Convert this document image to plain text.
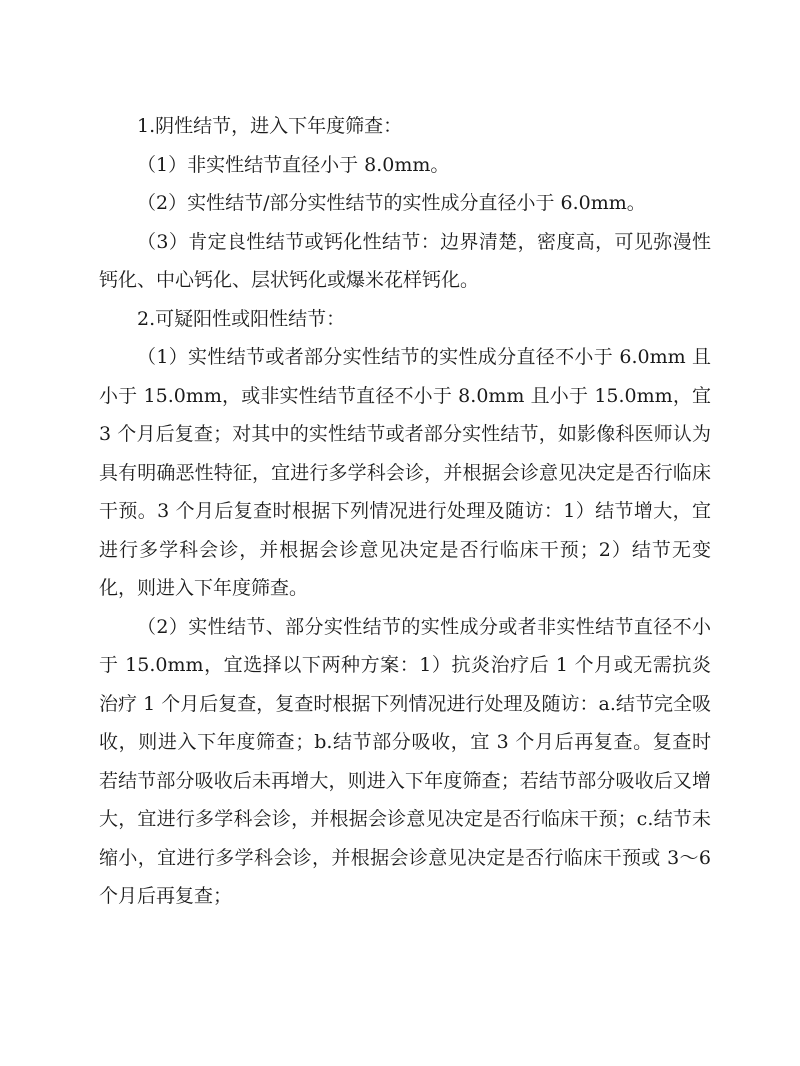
1.阴性结节，进入下年度筛查：

（1）非实性结节直径小于 8.0mm。

（2）实性结节/部分实性结节的实性成分直径小于 6.0mm。

（3）肯定良性结节或钙化性结节：边界清楚，密度高，可见弥漫性钙化、中心钙化、层状钙化或爆米花样钙化。

2.可疑阳性或阳性结节：

（1）实性结节或者部分实性结节的实性成分直径不小于 6.0mm 且小于 15.0mm，或非实性结节直径不小于 8.0mm 且小于 15.0mm，宜 3 个月后复查；对其中的实性结节或者部分实性结节，如影像科医师认为具有明确恶性特征，宜进行多学科会诊，并根据会诊意见决定是否行临床干预。3 个月后复查时根据下列情况进行处理及随访：1）结节增大，宜进行多学科会诊，并根据会诊意见决定是否行临床干预；2）结节无变化，则进入下年度筛查。

（2）实性结节、部分实性结节的实性成分或者非实性结节直径不小于 15.0mm，宜选择以下两种方案：1）抗炎治疗后 1 个月或无需抗炎治疗 1 个月后复查，复查时根据下列情况进行处理及随访：a.结节完全吸收，则进入下年度筛查；b.结节部分吸收，宜 3 个月后再复查。复查时若结节部分吸收后未再增大，则进入下年度筛查；若结节部分吸收后又增大，宜进行多学科会诊，并根据会诊意见决定是否行临床干预；c.结节未缩小，宜进行多学科会诊，并根据会诊意见决定是否行临床干预或 3～6 个月后再复查；
